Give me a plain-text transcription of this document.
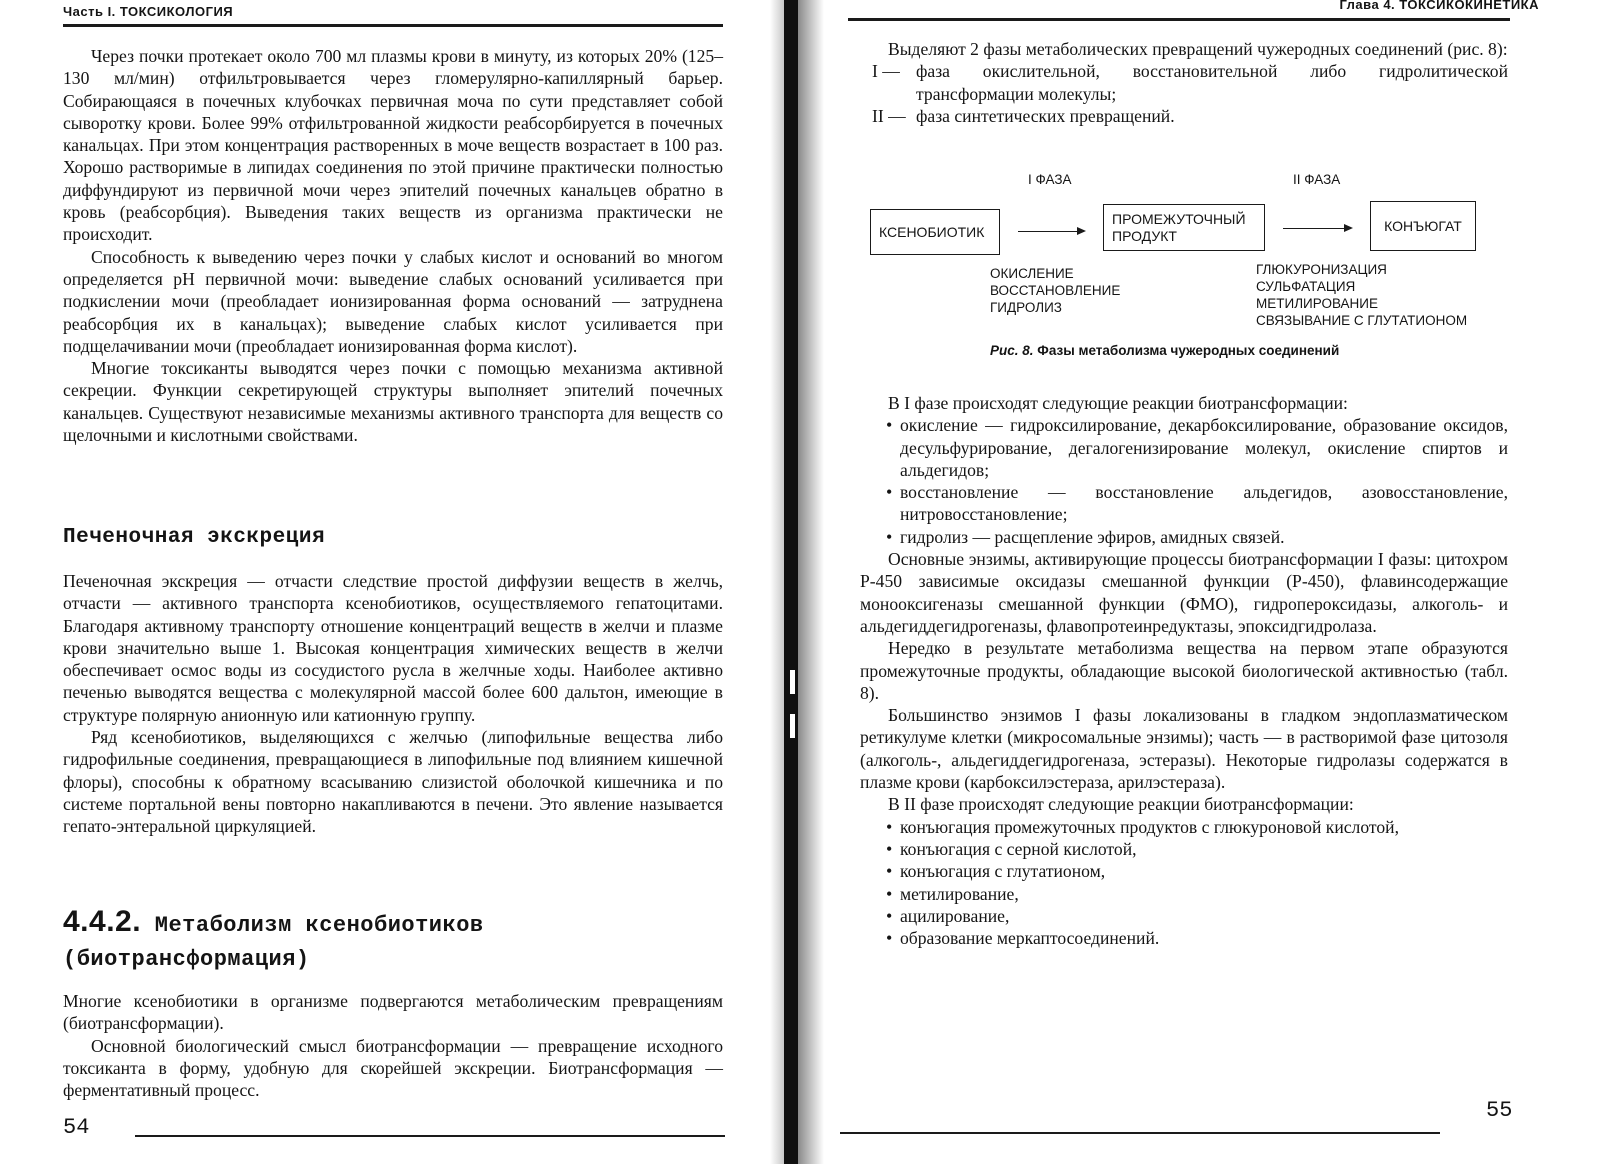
Часть I. ТОКСИКОЛОГИЯ

Через почки протекает около 700 мл плазмы крови в минуту, из которых 20% (125–130 мл/мин) отфильтровывается через гломерулярно-капиллярный барьер. Собирающаяся в почечных клубочках первичная моча по сути представляет собой сыворотку крови. Более 99% отфильтрованной жидкости реабсорбируется в почечных канальцах. При этом концентрация растворенных в моче веществ возрастает в 100 раз. Хорошо растворимые в липидах соединения по этой причине практически полностью диффундируют из первичной мочи через эпителий почечных канальцев обратно в кровь (реабсорбция). Выведения таких веществ из организма практически не происходит.

Способность к выведению через почки у слабых кислот и оснований во многом определяется pH первичной мочи: выведение слабых оснований усиливается при подкислении мочи (преобладает ионизированная форма оснований — затруднена реабсорбция их в канальцах); выведение слабых кислот усиливается при подщелачивании мочи (преобладает ионизированная форма кислот).

Многие токсиканты выводятся через почки с помощью механизма активной секреции. Функции секретирующей структуры выполняет эпителий почечных канальцев. Существуют независимые механизмы активного транспорта для веществ со щелочными и кислотными свойствами.

Печеночная экскреция

Печеночная экскреция — отчасти следствие простой диффузии веществ в желчь, отчасти — активного транспорта ксенобиотиков, осуществляемого гепатоцитами. Благодаря активному транспорту отношение концентраций веществ в желчи и плазме крови значительно выше 1. Высокая концентрация химических веществ в желчи обеспечивает осмос воды из сосудистого русла в желчные ходы. Наиболее активно печенью выводятся вещества с молекулярной массой более 600 дальтон, имеющие в структуре полярную анионную или катионную группу.

Ряд ксенобиотиков, выделяющихся с желчью (липофильные вещества либо гидрофильные соединения, превращающиеся в липофильные под влиянием кишечной флоры), способны к обратному всасыванию слизистой оболочкой кишечника и по системе портальной вены повторно накапливаются в печени. Это явление называется гепато-энтеральной циркуляцией.

4.4.2. Метаболизм ксенобиотиков
(биотрансформация)

Многие ксенобиотики в организме подвергаются метаболическим превращениям (биотрансформации).

Основной биологический смысл биотрансформации — превращение исходного токсиканта в форму, удобную для скорейшей экскреции. Биотрансформация — ферментативный процесс.

54
Глава 4. ТОКСИКОКИНЕТИКА

Выделяют 2 фазы метаболических превращений чужеродных соединений (рис. 8):

I — фаза окислительной, восстановительной либо гидролитической трансформации молекулы;

II — фаза синтетических превращений.

I ФАЗА	II ФАЗА
КСЕНОБИОТИК
ПРОМЕЖУТОЧНЫЙ ПРОДУКТ
КОНЪЮГАТ
ОКИСЛЕНИЕ
ВОССТАНОВЛЕНИЕ
ГИДРОЛИЗ
ГЛЮКУРОНИЗАЦИЯ
СУЛЬФАТАЦИЯ
МЕТИЛИРОВАНИЕ
СВЯЗЫВАНИЕ С ГЛУТАТИОНОМ
Рис. 8. Фазы метаболизма чужеродных соединений

В I фазе происходят следующие реакции биотрансформации:

• окисление — гидроксилирование, декарбоксилирование, образование оксидов, десульфурирование, дегалогенизирование молекул, окисление спиртов и альдегидов;
• восстановление — восстановление альдегидов, азовосстановление, нитровосстановление;
• гидролиз — расщепление эфиров, амидных связей.

Основные энзимы, активирующие процессы биотрансформации I фазы: цитохром Р-450 зависимые оксидазы смешанной функции (Р-450), флавинсодержащие монооксигеназы смешанной функции (ФМО), гидропероксидазы, алкоголь- и альдегиддегидрогеназы, флавопротеинредуктазы, эпоксидгидролаза.

Нередко в результате метаболизма вещества на первом этапе образуются промежуточные продукты, обладающие высокой биологической активностью (табл. 8).

Большинство энзимов I фазы локализованы в гладком эндоплазматическом ретикулуме клетки (микросомальные энзимы); часть — в растворимой фазе цитозоля (алкоголь-, альдегиддегидрогеназа, эстеразы). Некоторые гидролазы содержатся в плазме крови (карбоксилэстераза, арилэстераза).

В II фазе происходят следующие реакции биотрансформации:

• конъюгация промежуточных продуктов с глюкуроновой кислотой,
• конъюгация с серной кислотой,
• конъюгация с глутатионом,
• метилирование,
• ацилирование,
• образование меркаптосоединений.
55
